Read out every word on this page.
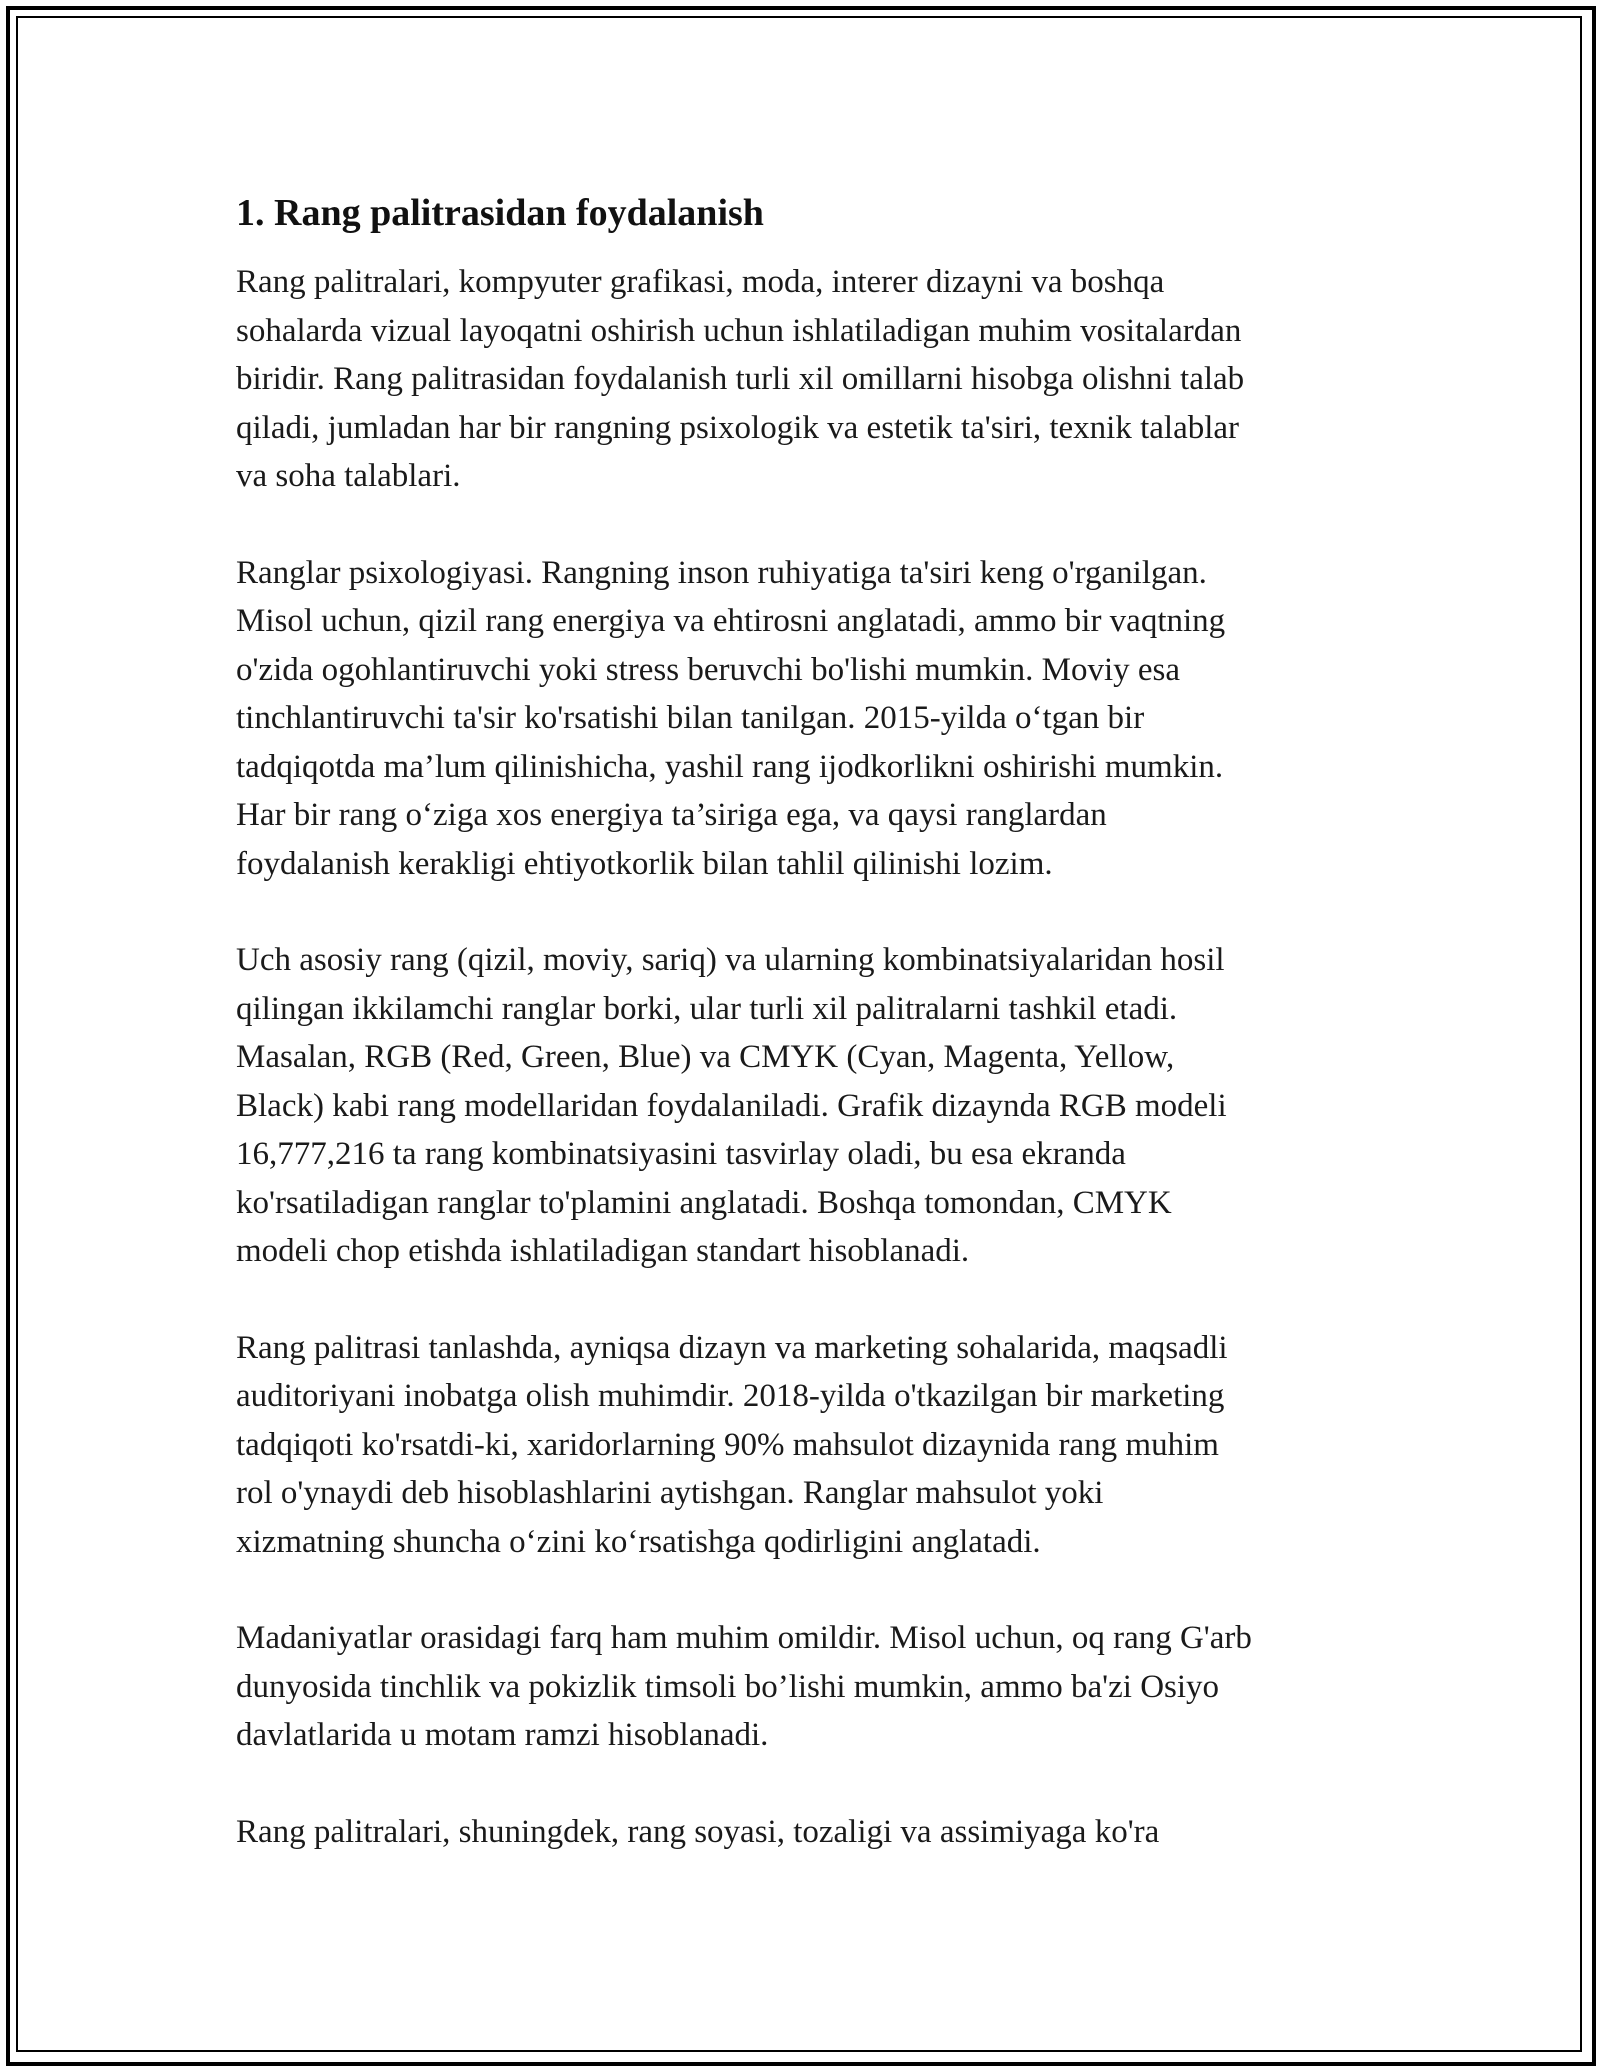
1. Rang palitrasidan foydalanish

Rang palitralari, kompyuter grafikasi, moda, interer dizayni va boshqa
sohalarda vizual layoqatni oshirish uchun ishlatiladigan muhim vositalardan
biridir. Rang palitrasidan foydalanish turli xil omillarni hisobga olishni talab
qiladi, jumladan har bir rangning psixologik va estetik ta'siri, texnik talablar
va soha talablari.

Ranglar psixologiyasi. Rangning inson ruhiyatiga ta'siri keng o'rganilgan.
Misol uchun, qizil rang energiya va ehtirosni anglatadi, ammo bir vaqtning
o'zida ogohlantiruvchi yoki stress beruvchi bo'lishi mumkin. Moviy esa
tinchlantiruvchi ta'sir ko'rsatishi bilan tanilgan. 2015-yilda o‘tgan bir
tadqiqotda ma’lum qilinishicha, yashil rang ijodkorlikni oshirishi mumkin.
Har bir rang o‘ziga xos energiya ta’siriga ega, va qaysi ranglardan
foydalanish kerakligi ehtiyotkorlik bilan tahlil qilinishi lozim.

Uch asosiy rang (qizil, moviy, sariq) va ularning kombinatsiyalaridan hosil
qilingan ikkilamchi ranglar borki, ular turli xil palitralarni tashkil etadi.
Masalan, RGB (Red, Green, Blue) va CMYK (Cyan, Magenta, Yellow,
Black) kabi rang modellaridan foydalaniladi. Grafik dizaynda RGB modeli
16,777,216 ta rang kombinatsiyasini tasvirlay oladi, bu esa ekranda
ko'rsatiladigan ranglar to'plamini anglatadi. Boshqa tomondan, CMYK
modeli chop etishda ishlatiladigan standart hisoblanadi.

Rang palitrasi tanlashda, ayniqsa dizayn va marketing sohalarida, maqsadli
auditoriyani inobatga olish muhimdir. 2018-yilda o'tkazilgan bir marketing
tadqiqoti ko'rsatdi-ki, xaridorlarning 90% mahsulot dizaynida rang muhim
rol o'ynaydi deb hisoblashlarini aytishgan. Ranglar mahsulot yoki
xizmatning shuncha o‘zini ko‘rsatishga qodirligini anglatadi.

Madaniyatlar orasidagi farq ham muhim omildir. Misol uchun, oq rang G'arb
dunyosida tinchlik va pokizlik timsoli bo’lishi mumkin, ammo ba'zi Osiyo
davlatlarida u motam ramzi hisoblanadi.

Rang palitralari, shuningdek, rang soyasi, tozaligi va assimiyaga ko'ra
